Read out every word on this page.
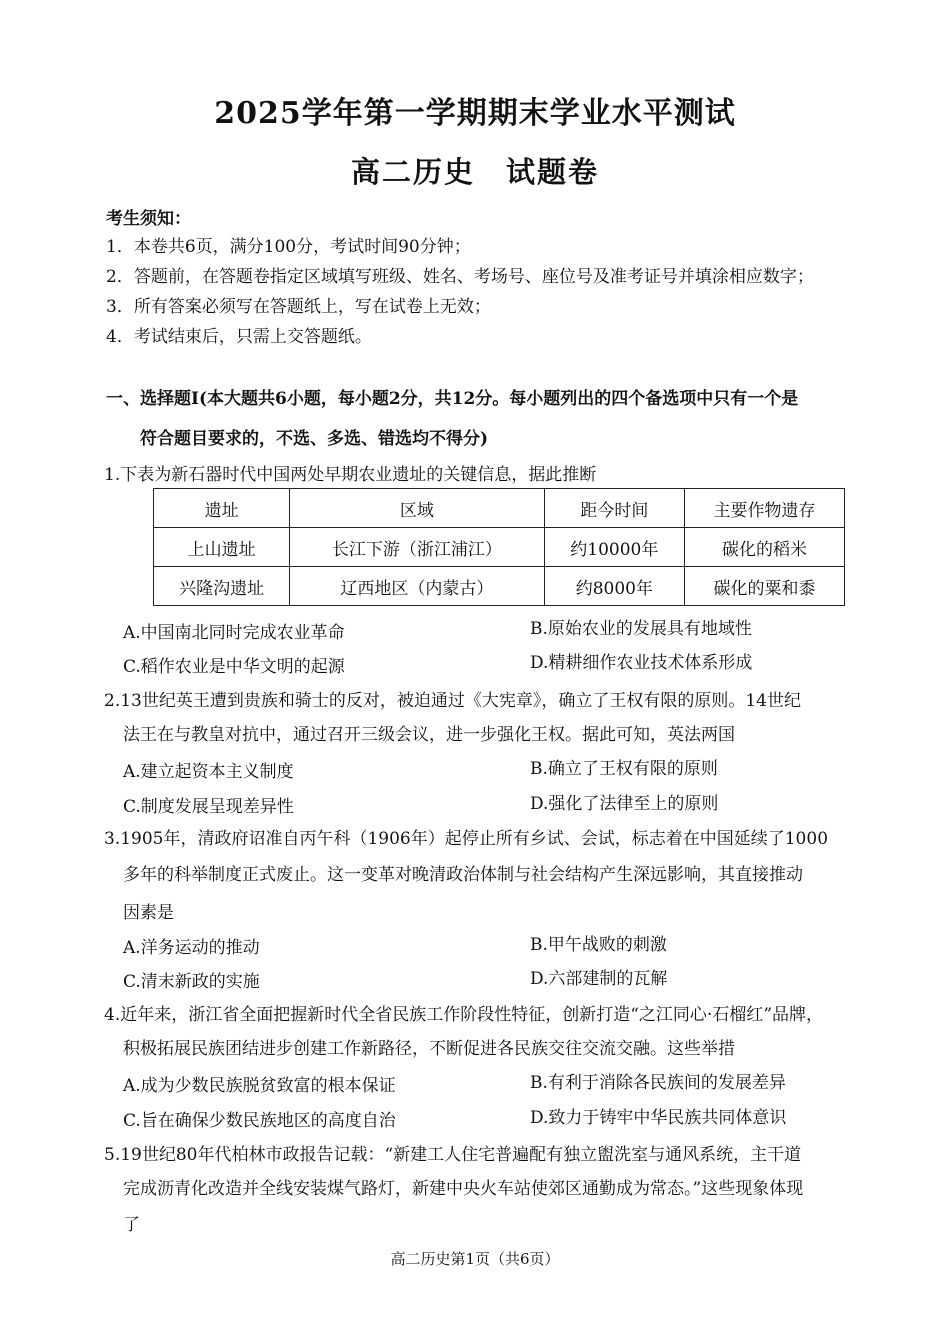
2025学年第一学期期末学业水平测试
高二历史　试题卷
考生须知：
1．本卷共6页，满分100分，考试时间90分钟；
2．答题前，在答题卷指定区域填写班级、姓名、考场号、座位号及准考证号并填涂相应数字；
3．所有答案必须写在答题纸上，写在试卷上无效；
4．考试结束后，只需上交答题纸。
一、选择题Ⅰ(本大题共6小题，每小题2分，共12分。每小题列出的四个备选项中只有一个是
符合题目要求的，不选、多选、错选均不得分)
1.下表为新石器时代中国两处早期农业遗址的关键信息，据此推断
遗址	区域	距今时间	主要作物遗存
上山遗址	长江下游（浙江浦江）	约10000年	碳化的稻米
兴隆沟遗址	辽西地区（内蒙古）	约8000年	碳化的粟和黍
A.中国南北同时完成农业革命	B.原始农业的发展具有地域性
C.稻作农业是中华文明的起源	D.精耕细作农业技术体系形成
2.13世纪英王遭到贵族和骑士的反对，被迫通过《大宪章》，确立了王权有限的原则。14世纪
法王在与教皇对抗中，通过召开三级会议，进一步强化王权。据此可知，英法两国
A.建立起资本主义制度	B.确立了王权有限的原则
C.制度发展呈现差异性	D.强化了法律至上的原则
3.1905年，清政府诏准自丙午科（1906年）起停止所有乡试、会试，标志着在中国延续了1000
多年的科举制度正式废止。这一变革对晚清政治体制与社会结构产生深远影响，其直接推动
因素是
A.洋务运动的推动	B.甲午战败的刺激
C.清末新政的实施	D.六部建制的瓦解
4.近年来，浙江省全面把握新时代全省民族工作阶段性特征，创新打造“之江同心·石榴红”品牌，
积极拓展民族团结进步创建工作新路径，不断促进各民族交往交流交融。这些举措
A.成为少数民族脱贫致富的根本保证	B.有利于消除各民族间的发展差异
C.旨在确保少数民族地区的高度自治	D.致力于铸牢中华民族共同体意识
5.19世纪80年代柏林市政报告记载：“新建工人住宅普遍配有独立盥洗室与通风系统，主干道
完成沥青化改造并全线安装煤气路灯，新建中央火车站使郊区通勤成为常态。”这些现象体现
了
高二历史第1页（共6页）
